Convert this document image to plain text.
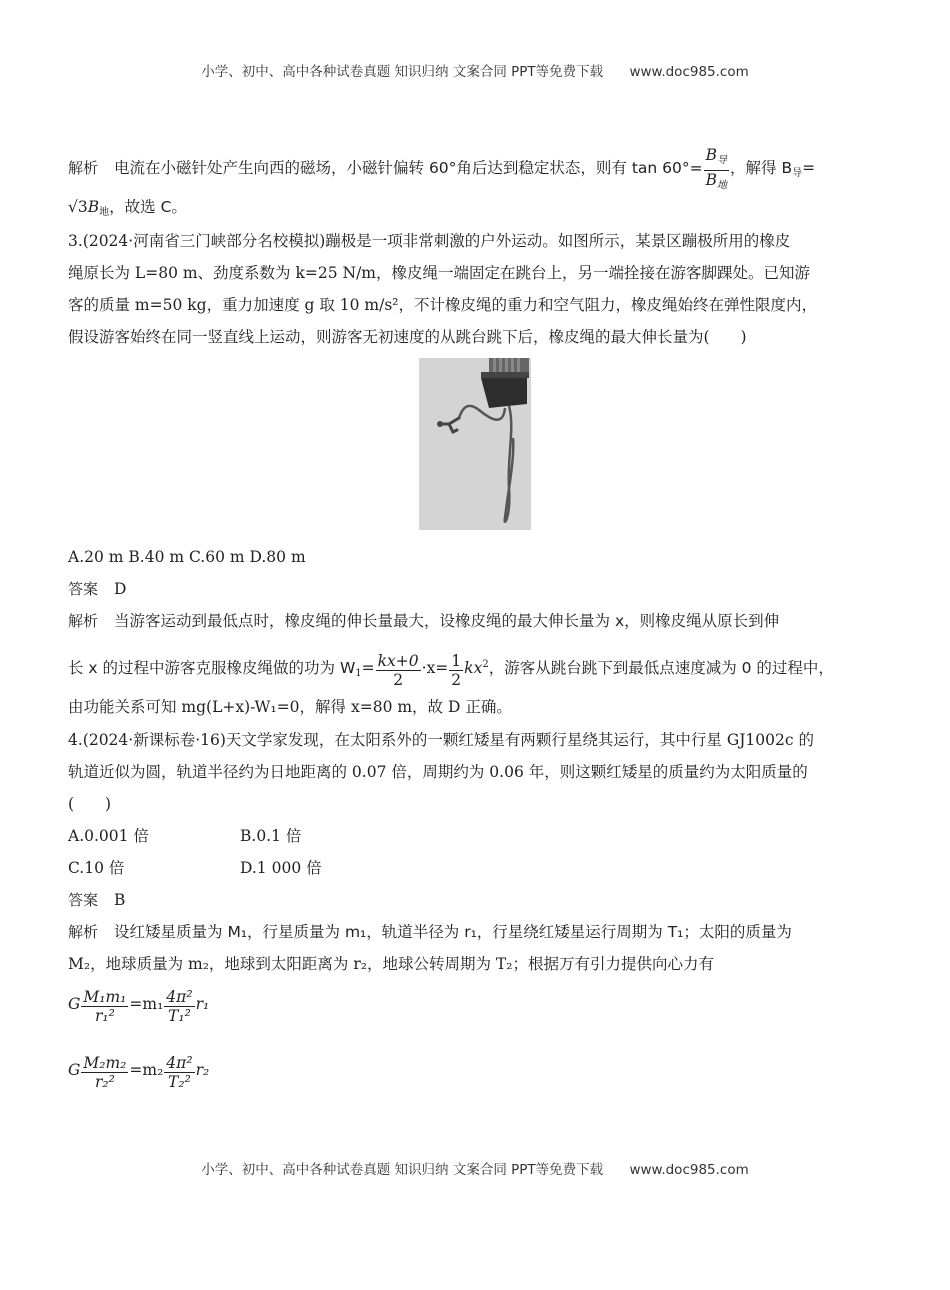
小学、初中、高中各种试卷真题 知识归纳 文案合同 PPT等免费下载 www.doc985.com
解析 电流在小磁针处产生向西的磁场，小磁针偏转 60°角后达到稳定状态，则有 $\tan 60^\circ= \frac{B_导}{B_地}$ ，解得 $B_导=$
$√3B_地$，故选 C。
3.(2024·河南省三门峡部分名校模拟)蹦极是一项非常刺激的户外运动。如图所示，某景区蹦极所用的橡皮
绳原长为 L=80 m、劲度系数为 k=25 N/m，橡皮绳一端固定在跳台上，另一端拴接在游客脚踝处。已知游
客的质量 m=50 kg，重力加速度 g 取 10 m/s²，不计橡皮绳的重力和空气阻力，橡皮绳始终在弹性限度内，
假设游客始终在同一竖直线上运动，则游客无初速度的从跳台跳下后，橡皮绳的最大伸长量为(　　)
A.20 m B.40 m C.60 m D.80 m
答案 D
解析 当游客运动到最低点时，橡皮绳的伸长量最大，设橡皮绳的最大伸长量为 x，则橡皮绳从原长到伸
长 x 的过程中游客克服橡皮绳做的功为 $W_1= \frac{kx+0}{2} \cdot x= \frac{1}{2} kx^2$，游客从跳台跳下到最低点速度减为 0 的过程中，
由功能关系可知 mg(L+x)-W₁=0，解得 x=80 m，故 D 正确。
4.(2024·新课标卷·16)天文学家发现，在太阳系外的一颗红矮星有两颗行星绕其运行，其中行星 GJ1002c 的
轨道近似为圆，轨道半径约为日地距离的 0.07 倍，周期约为 0.06 年，则这颗红矮星的质量约为太阳质量的
(　　)
A.0.001 倍	B.0.1 倍
C.10 倍	D.1 000 倍
答案 B
解析 设红矮星质量为 M₁，行星质量为 m₁，轨道半径为 r₁，行星绕红矮星运行周期为 T₁；太阳的质量为
M₂，地球质量为 m₂，地球到太阳距离为 r₂，地球公转周期为 T₂；根据万有引力提供向心力有
G $\frac{\text{M₁m₁}}{\text{r₁²}} =m_1 \frac{\text{4π²}}{\text{T₁²}} r_1$
G $\frac{\text{M₂m₂}}{\text{r₂²}} =m_2 \frac{\text{4π²}}{\text{T₂²}} r_2$
小学、初中、高中各种试卷真题 知识归纳 文案合同 PPT等免费下载 www.doc985.com
